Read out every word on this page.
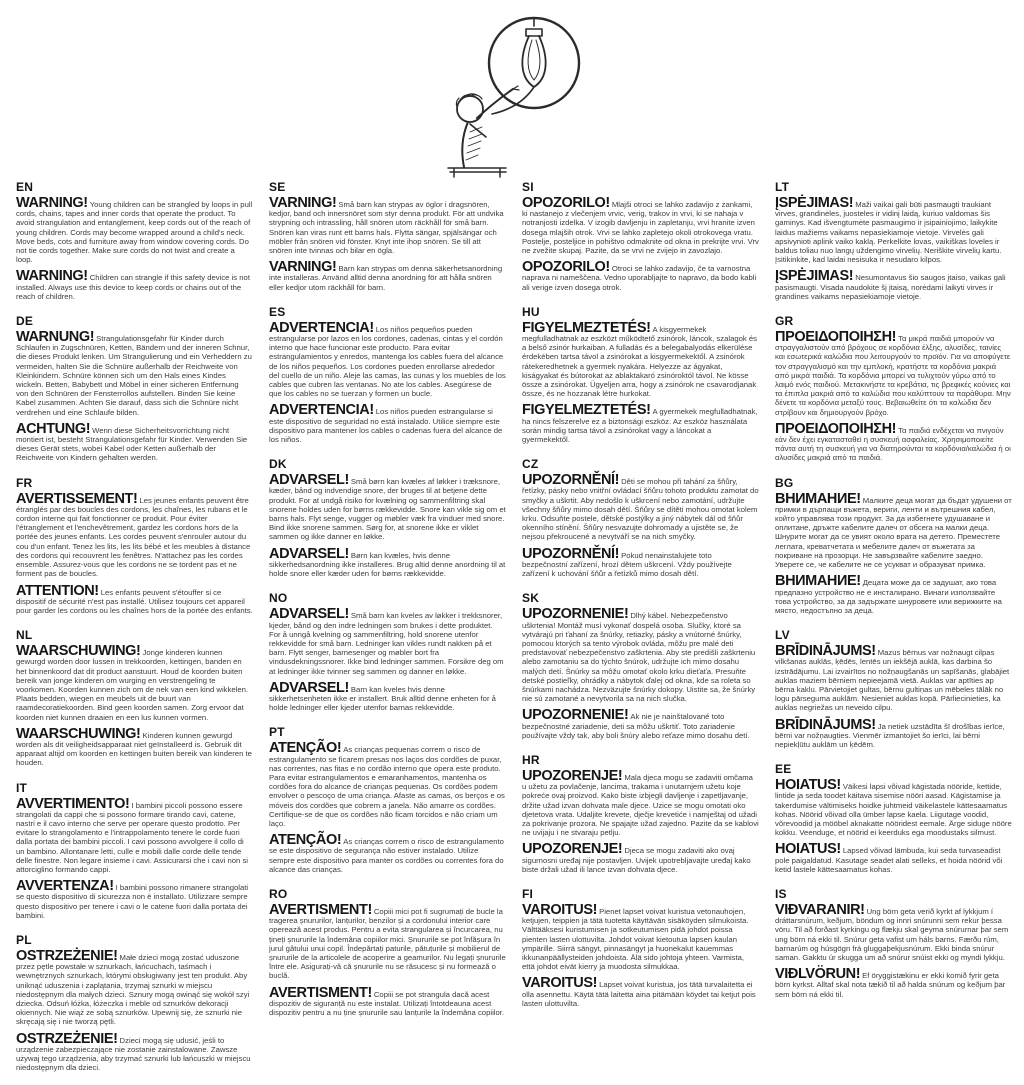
EN

WARNING! Young children can be strangled by loops in pull cords, chains, tapes and inner cords that operate the product. To avoid strangulation and entanglement, keep cords out of the reach of young children. Cords may become wrapped around a child's neck. Move beds, cots and furniture away from window covering cords. Do not tie cords together. Make sure cords do not twist and create a loop.

WARNING! Children can strangle if this safety device is not installed. Always use this device to keep cords or chains out of the reach of children.

DE

WARNUNG! Strangulationsgefahr für Kinder durch Schlaufen in Zugschnüren, Ketten, Bändern und der inneren Schnur, die dieses Produkt lenken. Um Strangulierung und ein Verheddern zu vermeiden, halten Sie die Schnüre außerhalb der Reichweite von Kleinkindern. Schnüre können sich um den Hals eines Kindes wickeln. Betten, Babybett und Möbel in einer sicheren Entfernung von den Schnüren der Fensterrollos aufstellen. Binden Sie keine Kabel zusammen. Achten Sie darauf, dass sich die Schnüre nicht verdrehen und eine Schlaufe bilden.

ACHTUNG! Wenn diese Sicherheitsvorrichtung nicht montiert ist, besteht Strangulationsgefahr für Kinder. Verwenden Sie dieses Gerät stets, wobei Kabel oder Ketten außerhalb der Reichweite von Kindern gehalten werden.

FR

AVERTISSEMENT! Les jeunes enfants peuvent être étranglés par des boucles des cordons, les chaînes, les rubans et le cordon interne qui fait fonctionner ce produit. Pour éviter l'étranglement et l'enchevêtrement, gardez les cordons hors de la portée des jeunes enfants. Les cordes peuvent s'enrouler autour du cou d'un enfant. Tenez les lits, les lits bébé et les meubles à distance des cordons qui recouvrent les fenêtres. N'attachez pas les cordes ensemble. Assurez-vous que les cordons ne se tordent pas et ne forment pas de boucles.

ATTENTION! Les enfants peuvent s'étouffer si ce dispositif de sécurité n'est pas installé. Utilisez toujours cet appareil pour garder les cordons ou les chaînes hors de la portée des enfants.

NL

WAARSCHUWING! Jonge kinderen kunnen gewurgd worden door lussen in trekkoorden, kettingen, banden en het binnenkoord dat dit product aanstuurt. Houd de koorden buiten bereik van jonge kinderen om wurging en verstrengeling te voorkomen. Koorden kunnen zich om de nek van een kind wikkelen. Plaats bedden, wiegen en meubels uit de buurt van raamdecoratiekoorden. Bind geen koorden samen. Zorg ervoor dat koorden niet kunnen draaien en een lus kunnen vormen.

WAARSCHUWING! Kinderen kunnen gewurgd worden als dit veiligheidsapparaat niet geïnstalleerd is. Gebruik dit apparaat altijd om koorden en kettingen buiten bereik van kinderen te houden.

IT

AVVERTIMENTO! I bambini piccoli possono essere strangolati da cappi che si possono formare tirando cavi, catene, nastri e il cavo interno che serve per operare questo prodotto. Per evitare lo strangolamento e l'intrappolamento tenere le corde fuori dalla portata dei bambini piccoli. I cavi possono avvolgere il collo di un bambino. Allontanare letti, culle e mobili dalle corde delle tende delle finestre. Non legare insieme i cavi. Assicurarsi che i cavi non si attorciglino formando cappi.

AVVERTENZA! I bambini possono rimanere strangolati se questo dispositivo di sicurezza non è installato. Utilizzare sempre questo dispositivo per tenere i cavi o le catene fuori dalla portata dei bambini.

PL

OSTRZEŻENIE! Małe dzieci mogą zostać uduszone przez pętle powstałe w sznurkach, łańcuchach, taśmach i wewnętrznych sznurkach, którymi obsługiwany jest ten produkt. Aby uniknąć uduszenia i zaplątania, trzymaj sznurki w miejscu niedostępnym dla małych dzieci. Sznury mogą owinąć się wokół szyi dziecka. Odsuń łóżka, łóżeczka i meble od sznurków dekoracji okiennych. Nie wiąż ze sobą sznurków. Upewnij się, że sznurki nie skręcają się i nie tworzą pętli.

OSTRZEŻENIE! Dzieci mogą się udusić, jeśli to urządzenie zabezpieczające nie zostanie zainstalowane. Zawsze używaj tego urządzenia, aby trzymać sznurki lub łańcuszki w miejscu niedostępnym dla dzieci.

SE

VARNING! Små barn kan strypas av öglor i dragsnören, kedjor, band och innersnöret som styr denna produkt. För att undvika strypning och intrassling, håll snören utom räckhåll för små barn. Snören kan viras runt ett barns hals. Flytta sängar, spjälsängar och möbler från snören vid fönster. Knyt inte ihop snören. Se till att snören inte tvinnas och bilar en ögla.

VARNING! Barn kan strypas om denna säkerhetsanordning inte installeras. Använd alltid denna anordning för att hålla snören eller kedjor utom räckhåll för barn.

ES

ADVERTENCIA! Los niños pequeños pueden estrangularse por lazos en los cordones, cadenas, cintas y el cordón interno que hace funcionar este producto. Para evitar estrangulamientos y enredos, mantenga los cables fuera del alcance de los niños pequeños. Los cordones pueden enrollarse alrededor del cuello de un niño. Aleje las camas, las cunas y los muebles de los cables que cubren las ventanas. No ate los cables. Asegúrese de que los cables no se tuerzan y formen un bucle.

ADVERTENCIA! Los niños pueden estrangularse si este dispositivo de seguridad no está instalado. Utilice siempre este dispositivo para mantener los cables o cadenas fuera del alcance de los niños.

DK

ADVARSEL! Små børn kan kvæles af løkker i træksnore, kæder, bånd og indvendige snore, der bruges til at betjene dette produkt. For at undgå risiko for kvælning og sammenfiltring skal snorene holdes uden for børns rækkevidde. Snore kan vikle sig om et barns hals. Flyt senge, vugger og møbler væk fra vinduer med snore. Bind ikke snorene sammen. Sørg for, at snorene ikke er viklet sammen og ikke danner en løkke.

ADVARSEL! Børn kan kvæles, hvis denne sikkerhedsanordning ikke installeres. Brug altid denne anordning til at holde snore eller kæder uden for børns rækkevidde.

NO

ADVARSEL! Små barn kan kveles av løkker i trekksnorer, kjeder, bånd og den indre ledningen som brukes i dette produktet. For å unngå kvelning og sammenfiltring, hold snorene utenfor rekkevidde for små barn. Ledninger kan vikles rundt nakken på et barn. Flytt senger, barnesenger og møbler bort fra vindusdekningssnorer. Ikke bind ledninger sammen. Forsikre deg om at ledninger ikke tvinner seg sammen og danner en løkke.

ADVARSEL! Barn kan kveles hvis denne sikkerhetsenheten ikke er installert. Bruk alltid denne enheten for å holde ledninger eller kjeder utenfor barnas rekkevidde.

PT

ATENÇÃO! As crianças pequenas correm o risco de estrangulamento se ficarem presas nos laços dos cordões de puxar, nas correntes, nas fitas e no cordão interno que opera este produto. Para evitar estrangulamentos e emaranhamentos, mantenha os cordões fora do alcance de crianças pequenas. Os cordões podem envolver o pescoço de uma criança. Afaste as camas, os berços e os móveis dos cordões que cobrem a janela. Não amarre os cordões. Certifique-se de que os cordões não ficam torcidos e não criam um laço.

ATENÇÃO! As crianças correm o risco de estrangulamento se este dispositivo de segurança não estiver instalado. Utilize sempre este dispositivo para manter os cordões ou correntes fora do alcance das crianças.

RO

AVERTISMENT! Copiii mici pot fi sugrumați de bucle la tragerea șnururilor, lanțurilor, benzilor și a cordonului interior care operează acest produs. Pentru a evita strangularea și încurcarea, nu țineți șnururile la îndemâna copiilor mici. Șnururile se pot înfășura în jurul gâtului unui copil. Îndepărtați paturile, pătuțurile și mobilierul de șnururile de la articolele de acoperire a geamurilor. Nu legați șnururile între ele. Asigurați-vă că șnururile nu se răsucesc și nu formează o buclă.

AVERTISMENT! Copiii se pot strangula dacă acest dispozitiv de siguranță nu este instalat. Utilizați întotdeauna acest dispozitiv pentru a nu ține șnururile sau lanțurile la îndemâna copiilor.

SI

OPOZORILO! Mlajši otroci se lahko zadavijo z zankami, ki nastanejo z vlečenjem vrvic, verig, trakov in vrvi, ki se nahaja v notranjosti izdelka. V izogib davljenju in zapletanju, vrvi hranite izven dosega mlajših otrok. Vrvi se lahko zapletejo okoli otrokovega vratu. Postelje, posteljice in pohištvo odmaknite od okna in prekrijte vrvi. Vrv ne zvežite skupaj. Pazite, da se vrvi ne zvijejo in zavozlajo.

OPOZORILO! Otroci se lahko zadavijo, če ta varnostna naprava ni nameščena. Vedno uporabljajte to napravo, da bodo kabli ali verige izven dosega otrok.

HU

FIGYELMEZTETÉS! A kisgyermekek megfulladhatnak az eszközt működtető zsinórok, láncok, szalagok és a belső zsinór hurkaiban. A fulladás és a belegabalyodás elkerülése érdekében tartsa távol a zsinórokat a kisgyermekektől. A zsinórok rátekeredhetnek a gyermek nyakára. Helyezze az ágyakat, kiságyakat és bútorokat az ablaktakaró zsinóroktól távol. Ne kösse össze a zsinórokat. Ügyeljen arra, hogy a zsinórok ne csavarodjanak össze, és ne hozzanak létre hurkokat.

FIGYELMEZTETÉS! A gyermekek megfulladhatnak, ha nincs felszerelve ez a biztonsági eszköz. Az eszköz használata során mindig tartsa távol a zsinórokat vagy a láncokat a gyermekektől.

CZ

UPOZORNĚNÍ! Děti se mohou při tahání za šňůry, řetízky, pásky nebo vnitřní ovládací šňůru tohoto produktu zamotat do smyčky a uškrtit. Aby nedošlo k uškrcení nebo zamotání, udržujte všechny šňůry mimo dosah dětí. Šňůry se dítěti mohou omotat kolem krku. Odsuňte postele, dětské postýlky a jiný nábytek dál od šňůr okenního stínění. Šňůry nesvazujte dohromady a ujistěte se, že nejsou překroucené a nevytváří se na nich smyčky.

UPOZORNĚNÍ! Pokud nenainstalujete toto bezpečnostní zařízení, hrozí dětem uškrcení. Vždy používejte zařízení k uchování šňůr a řetízků mimo dosah dětí.

SK

UPOZORNENIE! Dlhý kábel. Nebezpečenstvo uškrtenia! Montáž musí vykonať dospelá osoba. Slučky, ktoré sa vytvárajú pri ťahaní za šnúrky, retiazky, pásky a vnútorné šnúrky, pomocou ktorých sa tento výrobok ovláda, môžu pre malé deti predstavovať nebezpečenstvo zaškrtenia. Aby ste predišli zaškrteniu alebo zamotaniu sa do týchto šnúrok, udržujte ich mimo dosahu malých detí. Šnúrky sa môžu omotať okolo krku dieťaťa. Presuňte detské postieľky, ohrádky a nábytok ďalej od okna, kde sa roleta so šnúrkami nachádza. Nezväzujte šnúrky dokopy. Uistite sa, že šnúrky nie sú zamotané a nevytvorila sa na nich slučka.

UPOZORNENIE! Ak nie je nainštalované toto bezpečnostné zariadenie, deti sa môžu uškrtiť. Toto zariadenie používajte vždy tak, aby boli šnúry alebo reťaze mimo dosahu detí.

HR

UPOZORENJE! Mala djeca mogu se zadaviti omčama u užetu za povlačenje, lancima, trakama i unutarnjem užetu koje pokreće ovaj proizvod. Kako biste izbjegli davljenje i zapetljavanje, držite užad izvan dohvata male djece. Uzice se mogu omotati oko djetetova vrata. Udaljite krevete, dječje krevetiće i namještaj od užadi za pokrivanje prozora. Ne spajajte užad zajedno. Pazite da se kablovi ne uvijaju i ne stvaraju petlju.

UPOZORENJE! Djeca se mogu zadaviti ako ovaj sigurnosni uređaj nije postavljen. Uvijek upotrebljavajte uređaj kako biste držali užad ili lance izvan dohvata djece.

FI

VAROITUS! Pienet lapset voivat kuristua vetonauhojen, ketjujen, teippien ja tätä tuotetta käyttävän sisäköyden silmukoista. Välttääksesi kuristumisen ja sotkeutumisen pidä johdot poissa pienten lasten ulottuvilta. Johdot voivat kietoutua lapsen kaulan ympärille. Siirrä sängyt, pinnasängyt ja huonekalut kauemmas ikkunanpäällysteiden johdoista. Älä sido johtoja yhteen. Varmista, että johdot eivät kierry ja muodosta silmukkaa.

VAROITUS! Lapset voivat kuristua, jos tätä turvalaitetta ei olla asennettu. Käytä tätä laitetta aina pitämään köydet tai ketjut pois lasten ulottuvilta.

LT

ĮSPĖJIMAS! Maži vaikai gali būti pasmaugti traukiant virves, grandinėles, juosteles ir vidinį laidą, kuriuo valdomas šis gaminys. Kad išvengtumėte pasmaugimo ir įsipainiojimo, laikykite laidus mažiems vaikams nepasiekiamoje vietoje. Virvelės gali apsivynioti aplink vaiko kaklą. Perkelkite lovas, vaikiškas loveles ir baldus toliau nuo langų uždengimo virvelių. Neriškite virvelių kartu. Įsitikinkite, kad laidai nesisuka ir nesudaro kilpos.

ĮSPĖJIMAS! Nesumontavus šio saugos įtaiso, vaikas gali pasismaugti. Visada naudokite šį įtaisą, norėdami laikyti virves ir grandines vaikams nepasiekiamoje vietoje.

GR

ΠΡΟΕΙΔΟΠΟΙΗΣΗ! Τα μικρά παιδιά μπορούν να στραγγαλιστούν από βρόχους σε κορδόνια έλξης, αλυσίδες, ταινίες και εσωτερικά καλώδια που λειτουργούν το προϊόν. Για να αποφύγετε τον στραγγαλισμό και την εμπλοκή, κρατήστε τα κορδόνια μακριά από μικρά παιδιά. Τα κορδόνια μπορεί να τυλιχτούν γύρω από το λαιμό ενός παιδιού. Μετακινήστε τα κρεβάτια, τις βρεφικές κούνιες και τα έπιπλα μακριά από τα καλώδια που καλύπτουν τα παράθυρα. Μην δένετε τα κορδόνια μεταξύ τους. Βεβαιωθείτε ότι τα καλώδια δεν στρίβουν και δημιουργούν βρόχο.

ΠΡΟΕΙΔΟΠΟΙΗΣΗ! Τα παιδιά ενδέχεται να πνιγούν εάν δεν έχει εγκατασταθεί η συσκευή ασφαλείας. Χρησιμοποιείτε πάντα αυτή τη συσκευή για να διατηρούνται τα κορδόνια/καλώδια ή οι αλυσίδες μακριά από τα παιδιά.

BG

ВНИМАНИЕ! Малките деца могат да бъдат удушени от примки в дърпащи въжета, вериги, ленти и вътрешния кабел, който управлява този продукт. За да избегнете удушаване и оплитане, дръжте кабелите далеч от обсега на малки деца. Шнурите могат да се увият около врата на детето. Преместете леглата, креватчетата и мебелите далеч от въжетата за покриване на прозорци. Не завързвайте кабелите заедно. Уверете се, че кабелите не се усукват и образуват примка.

ВНИМАНИЕ! Децата може да се задушат, ако това предпазно устройство не е инсталирано. Винаги използвайте това устройство, за да задържате шнуровете или верижките на място, недостъпно за деца.

LV

BRĪDINĀJUMS! Mazus bērnus var nožnaugt cilpas vilkšanas auklās, ķēdēs, lentēs un iekšējā auklā, kas darbina šo izstrādājumu. Lai izvairītos no nožņaugšanās un sapīšanās, glabājiet auklas maziem bērniem nepieejamā vietā. Auklas var aptīties ap bērna kaklu. Pārvietojiet gultas, bērnu gultiņas un mēbeles tālāk no logu pārseguma auklām. Nesieniet auklas kopā. Pārliecinieties, ka auklas negriežas un neveido cilpu.

BRĪDINĀJUMS! Ja netiek uzstādīta šī drošības ierīce, bērni var nožņaugties. Vienmēr izmantojiet šo ierīci, lai bērni nepiekļūtu auklām un ķēdēm.

EE

HOIATUS! Väikesi lapsi võivad kägistada nööride, kettide, lintide ja seda toodet käitava sisemise nööri aasad. Kägistamise ja takerdumise vältimiseks hoidke juhtmeid väikelastele kättesaamatus kohas. Nöörid võivad olla ümber lapse kaela. Liigutage voodid, võrevoodid ja mööbel aknakatte nööridest eemale. Ärge siduge nööre kokku. Veenduge, et nöörid ei keerduks ega moodustaks silmust.

HOIATUS! Lapsed võivad lämbuda, kui seda turvaseadist pole paigaldatud. Kasutage seadet alati selleks, et hoida nöörid või ketid lastele kättesaamatus kohas.

IS

VIÐVARANIR! Ung börn geta verið kyrkt af lykkjum í dráttarsnúrum, keðjum, böndum og innri snúrunni sem rekur þessa vöru. Til að forðast kyrkingu og flækju skal geyma snúrurnar þar sem ung börn ná ekki til. Snúrur geta vafist um háls barns. Færðu rúm, barnarúm og húsgögn frá gluggaþekjusnúrum. Ekki binda snúrur saman. Gakktu úr skugga um að snúrur snúist ekki og myndi lykkju.

VIÐLVÖRUN! Ef öryggistækinu er ekki komið fyrir geta börn kyrkst. Alltaf skal nota tækið til að halda snúrum og keðjum þar sem börn ná ekki til.
